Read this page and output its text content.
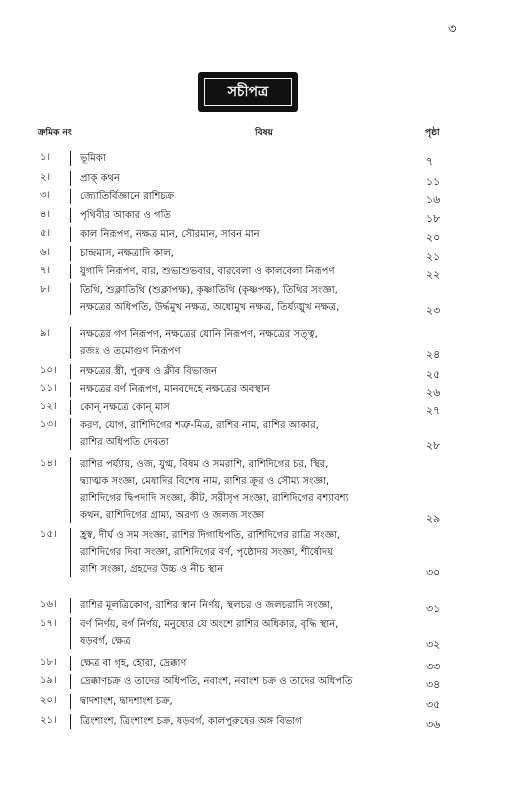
৩
সচীপত্র
ক্রমিক নং	বিষয়	পৃষ্ঠা
১।	ভূমিকা	৭
২।	প্রাক্ কথন	১১
৩।	জ্যোতির্বিজ্ঞানে রাশিচক্র	১৬
৪।	পৃথিবীর আকার ও গতি	১৮
৫।	কাল নিরূপণ, নক্ষত্র মান, সৌরমান, সাবন মান	২০
৬।	চান্দ্রমাস, নক্ষত্রাদি কাল,	২১
৭।	যুগাদি নিরূপণ, বার, শুভাশুভবার, বারবেলা ও কালবেলা নিরূপণ	২২
৮।	তিথি, শুক্লাতিথি (শুক্লাপক্ষ), কৃষ্ণাতিথি (কৃষ্ণপক্ষ), তিথির সংজ্ঞা,
নক্ষত্রের অধিপতি, উর্দ্ধমুখ নক্ষত্র, অধোমুখ নক্ষত্র, তির্য্যঙ্মুখ নক্ষত্র,	২৩
৯।	নক্ষত্রের গণ নিরূপণ, নক্ষত্রের যোনি নিরূপণ, নক্ষত্রের সত্ত্ব,
রজঃ ও তমোগুণ নিরূপণ	২৪
১০।	নক্ষত্রের স্ত্রী, পুরুষ ও ক্লীব বিভাজন	২৫
১১।	নক্ষত্রের বর্ণ নিরূপণ, মানবদেহে নক্ষত্রের অবস্থান	২৬
১২।	কোন্ নক্ষত্রে কোন্ মাস	২৭
১৩।	করণ, যোগ, রাশিদিগের শত্রু-মিত্র, রাশির নাম, রাশির আকার,
রাশির অধিপতি দেবতা	২৮
১৪।	রাশির পর্য্যায়, ওজ, যুগ্ম, বিষম ও সমরাশি, রাশিদিগের চর, স্থির,
দ্ব্যাত্মক সংজ্ঞা, মেষাদির বিশেষ নাম, রাশির ক্রূর ও সৌম্য সংজ্ঞা,
রাশিদিগের দ্বিপদাদি সংজ্ঞা, কীট, সরীসৃপ সংজ্ঞা, রাশিদিগের বশ্যাবশ্য
কথন, রাশিদিগের গ্রাম্য, অরণ্য ও জলজ সংজ্ঞা	২৯
১৫।	হ্রস্ব, দীর্ঘ ও সম সংজ্ঞা, রাশির দিগাধিপতি, রাশিদিগের রাত্রি সংজ্ঞা,
রাশিদিগের দিবা সংজ্ঞা, রাশিদিগের বর্ণ, পৃষ্ঠোদয় সংজ্ঞা, শীর্ষোদয়
রাশি সংজ্ঞা, গ্রহদের উচ্চ ও নীচ স্থান	৩০
১৬।	রাশির মূলত্রিকোণ, রাশির স্বান নির্ণয়, স্থলচর ও জলচরাদি সংজ্ঞা,	৩১
১৭।	বর্ণ নির্ণয়, বর্গ নির্ণয়, মনুষ্যের যে অংশে রাশির অধিকার, বৃদ্ধি স্থান,
ষড়বর্গ, ক্ষেত্র	৩২
১৮।	ক্ষেত্র বা গৃহ, হোরা, দ্রেক্কাণ	৩৩
১৯।	দ্রেক্কাণচক্র ও তাদের অধিপতি, নবাংশ, নবাংশ চক্র ও তাদের অধিপতি	৩৪
২০।	দ্বাদশাংশ, দ্বাদশাংশ চক্র,	৩৫
২১।	ত্রিংশাংশ, ত্রিংশাংশ চক্র, ষড়বর্গ, কালপুরুষের অঙ্গ বিভাগ	৩৬
